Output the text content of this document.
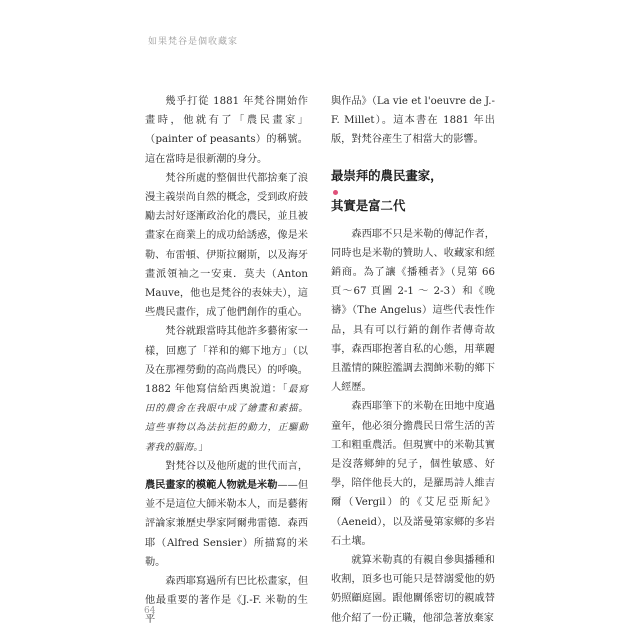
如果梵谷是個收藏家

幾乎打從 1881 年梵谷開始作畫時，他就有了「農民畫家」（painter of peasants）的稱號。這在當時是很新潮的身分。

梵谷所處的整個世代都捨棄了浪漫主義崇尚自然的概念，受到政府鼓勵去討好逐漸政治化的農民，並且被畫家在商業上的成功給誘惑，像是米勒、布雷頓、伊斯拉爾斯，以及海牙畫派領袖之一安東．莫夫（Anton Mauve，他也是梵谷的表妹夫），這些農民畫作，成了他們創作的重心。

梵谷就跟當時其他許多藝術家一樣，回應了「祥和的鄉下地方」（以及在那裡勞動的高尚農民）的呼喚。1882 年他寫信給西奧說道：「最寫田的農舍在我眼中成了繪畫和素描。這些事物以為法抗拒的動力，正驅動著我的腦海。」

對梵谷以及他所處的世代而言，農民畫家的模範人物就是米勒——但並不是這位大師米勒本人，而是藝術評論家兼歷史學家阿爾弗雷德．森西耶（Alfred Sensier）所描寫的米勒。

森西耶寫過所有巴比松畫家，但他最重要的著作是《J.-F. 米勒的生平

與作品》（La vie et l'oeuvre de J.-F. Millet）。這本書在 1881 年出版，對梵谷產生了相當大的影響。

最崇拜的農民畫家，
其實是富二代

森西耶不只是米勒的傳記作者，同時也是米勒的贊助人、收藏家和經銷商。為了讓《播種者》（見第 66 頁～67 頁圖 2-1 ～ 2-3）和《晚禱》（The Angelus）這些代表性作品，具有可以行銷的創作者傳奇故事，森西耶抱著自私的心態，用華麗且濫情的陳腔濫調去潤飾米勒的鄉下人經歷。

森西耶筆下的米勒在田地中度過童年，他必須分擔農民日常生活的苦工和粗重農活。但現實中的米勒其實是沒落鄉紳的兒子，個性敏感、好學，陪伴他長大的，是羅馬詩人維吉爾（Vergil）的《艾尼亞斯紀》（Aeneid），以及諾曼第家鄉的多岩石土壤。

就算米勒真的有親自參與播種和收割，頂多也可能只是替溺愛他的奶奶照顧庭園。跟他關係密切的親戚替他介紹了一份正職，他卻急著放棄家

64
